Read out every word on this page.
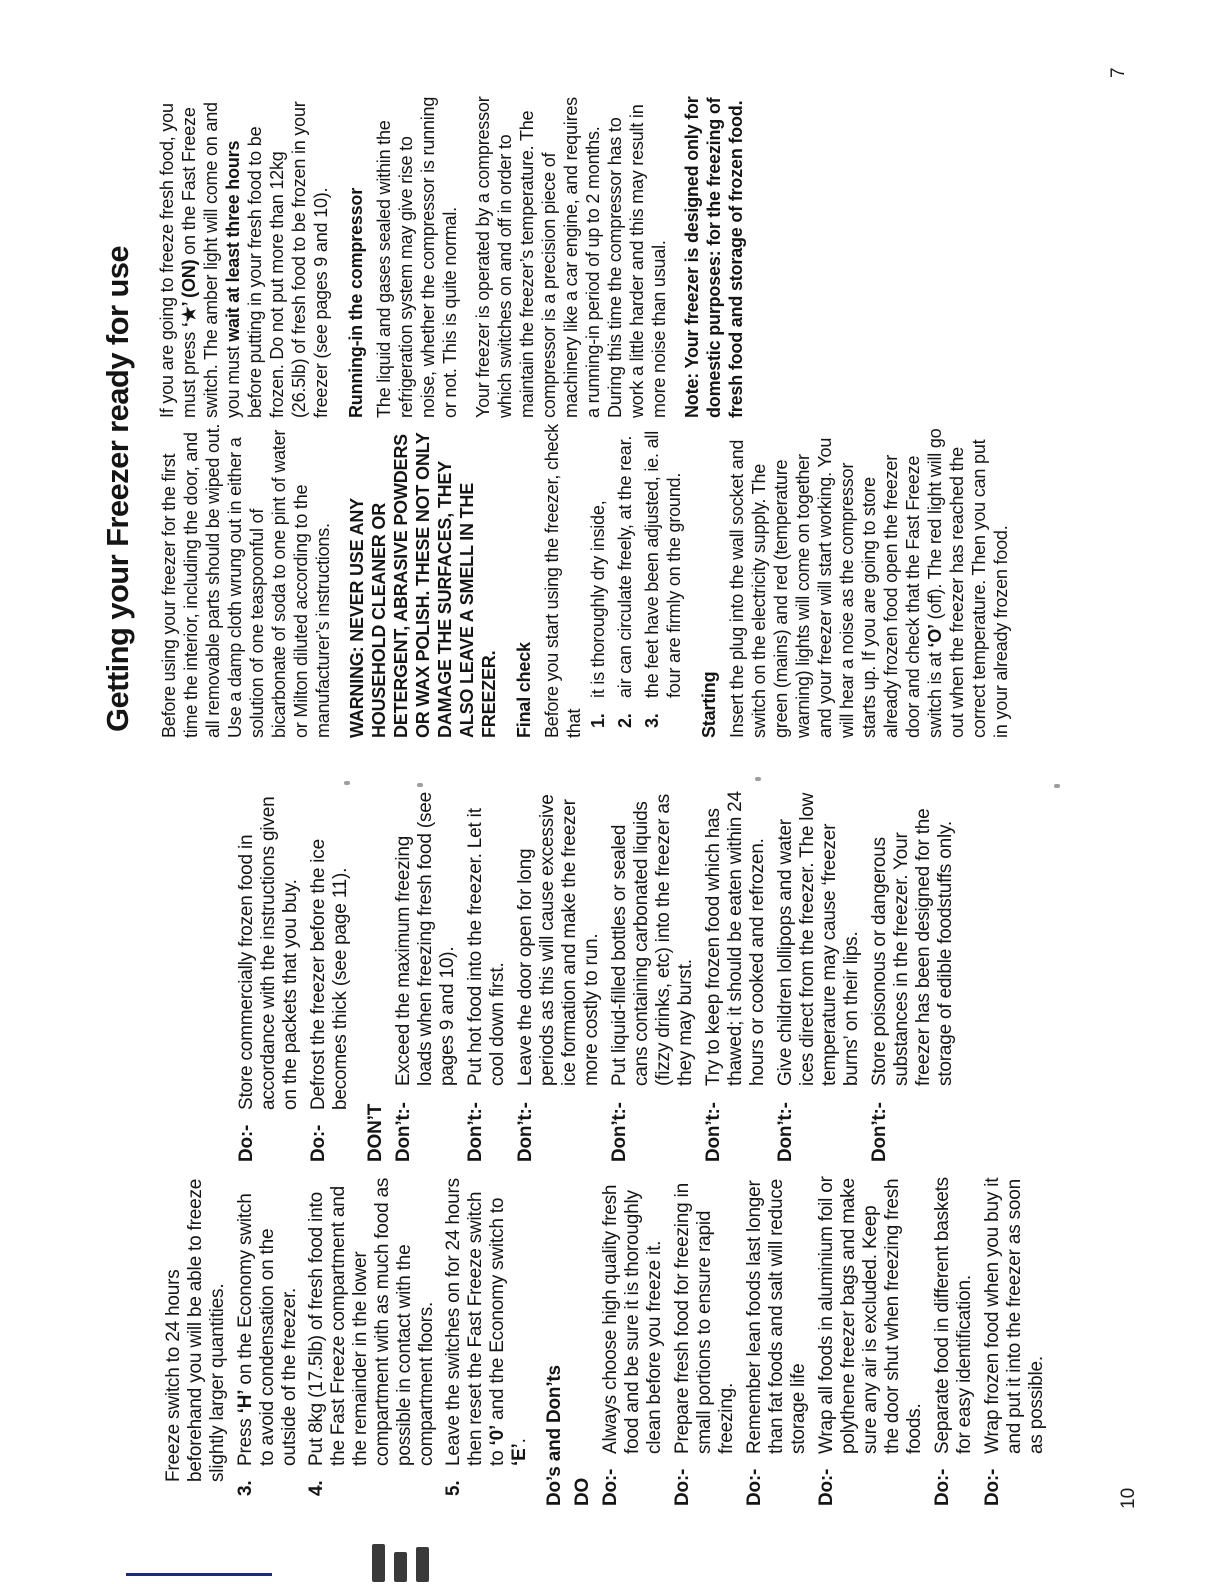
Freeze switch to 24 hours beforehand you will be able to freeze slightly larger quantities.
3.
Press ‘H’ on the Economy switch to avoid condensation on the outside of the freezer.
4.
Put 8kg (17.5lb) of fresh food into the Fast Freeze compartment and the remainder in the lower compartment with as much food as possible in contact with the compartment floors.
5.
Leave the switches on for 24 hours then reset the Fast Freeze switch to ‘0’ and the Economy switch to ‘E’. Do’s and Don’ts DO Do:-
Always choose high quality fresh food and be sure it is thoroughly clean before you freeze it.
Do:-
Prepare fresh food for freezing in small portions to ensure rapid freezing.
Do:-
Remember lean foods last longer than fat foods and salt will reduce storage life
Do:-
Wrap all foods in aluminium foil or polythene freezer bags and make sure any air is excluded. Keep the door shut when freezing fresh foods.
Do:-
Separate food in different baskets for easy identification.
Do:-
Wrap frozen food when you buy it and put it into the freezer as soon as possible.
Do:-
Store commercially frozen food in accordance with the instructions given on the packets that you buy.
Do:-
Defrost the freezer before the ice becomes thick (see page 11).
DON’T Don’t:-
Exceed the maximum freezing loads when freezing fresh food (see pages 9 and 10).
Don’t:-
Put hot food into the freezer. Let it cool down first.
Don’t:-
Leave the door open for long periods as this will cause excessive ice formation and make the freezer more costly to run.
Don’t:-
Put liquid-filled bottles or sealed cans containing carbonated liquids (fizzy drinks, etc) into the freezer as they may burst.
Don’t:-
Try to keep frozen food which has thawed; it should be eaten within 24 hours or cooked and refrozen.
Don’t:-
Give children lollipops and water ices direct from the freezer. The low temperature may cause ‘freezer burns’ on their lips.
Don’t:-
Store poisonous or dangerous substances in the freezer. Your freezer has been designed for the storage of edible foodstuffs only.
10
Getting your Freezer ready for use Before using your freezer for the first time the interior, including the door, and all removable parts should be wiped out. Use a damp cloth wrung out in either a solution of one teaspoonful of bicarbonate of soda to one pint of water or Milton diluted according to the manufacturer’s instructions. WARNING: NEVER USE ANY HOUSEHOLD CLEANER OR DETERGENT, ABRASIVE POWDERS OR WAX POLISH. THESE NOT ONLY DAMAGE THE SURFACES, THEY ALSO LEAVE A SMELL IN THE FREEZER. Final check Before you start using the freezer, check that 1.
it is thoroughly dry inside,
2.
air can circulate freely, at the rear.
3.
the feet have been adjusted, ie. all four are firmly on the ground.
Starting Insert the plug into the wall socket and switch on the electricity supply. The green (mains) and red (temperature warning) lights will come on together and your freezer will start working. You will hear a noise as the compressor starts up. If you are going to store already frozen food open the freezer door and check that the Fast Freeze switch is at ‘O’ (off). The red light will go out when the freezer has reached the correct temperature. Then you can put in your already frozen food.
If you are going to freeze fresh food, you must press ‘★’ (ON) on the Fast Freeze switch. The amber light will come on and you must wait at least three hours before putting in your fresh food to be frozen. Do not put more than 12kg (26.5lb) of fresh food to be frozen in your freezer (see pages 9 and 10). Running-in the compressor The liquid and gases sealed within the refrigeration system may give rise to noise, whether the compressor is running or not. This is quite normal. Your freezer is operated by a compressor which switches on and off in order to maintain the freezer’s temperature. The compressor is a precision piece of machinery like a car engine, and requires a running-in period of up to 2 months. During this time the compressor has to work a little harder and this may result in more noise than usual. Note: Your freezer is designed only for domestic purposes: for the freezing of fresh food and storage of frozen food.
7
